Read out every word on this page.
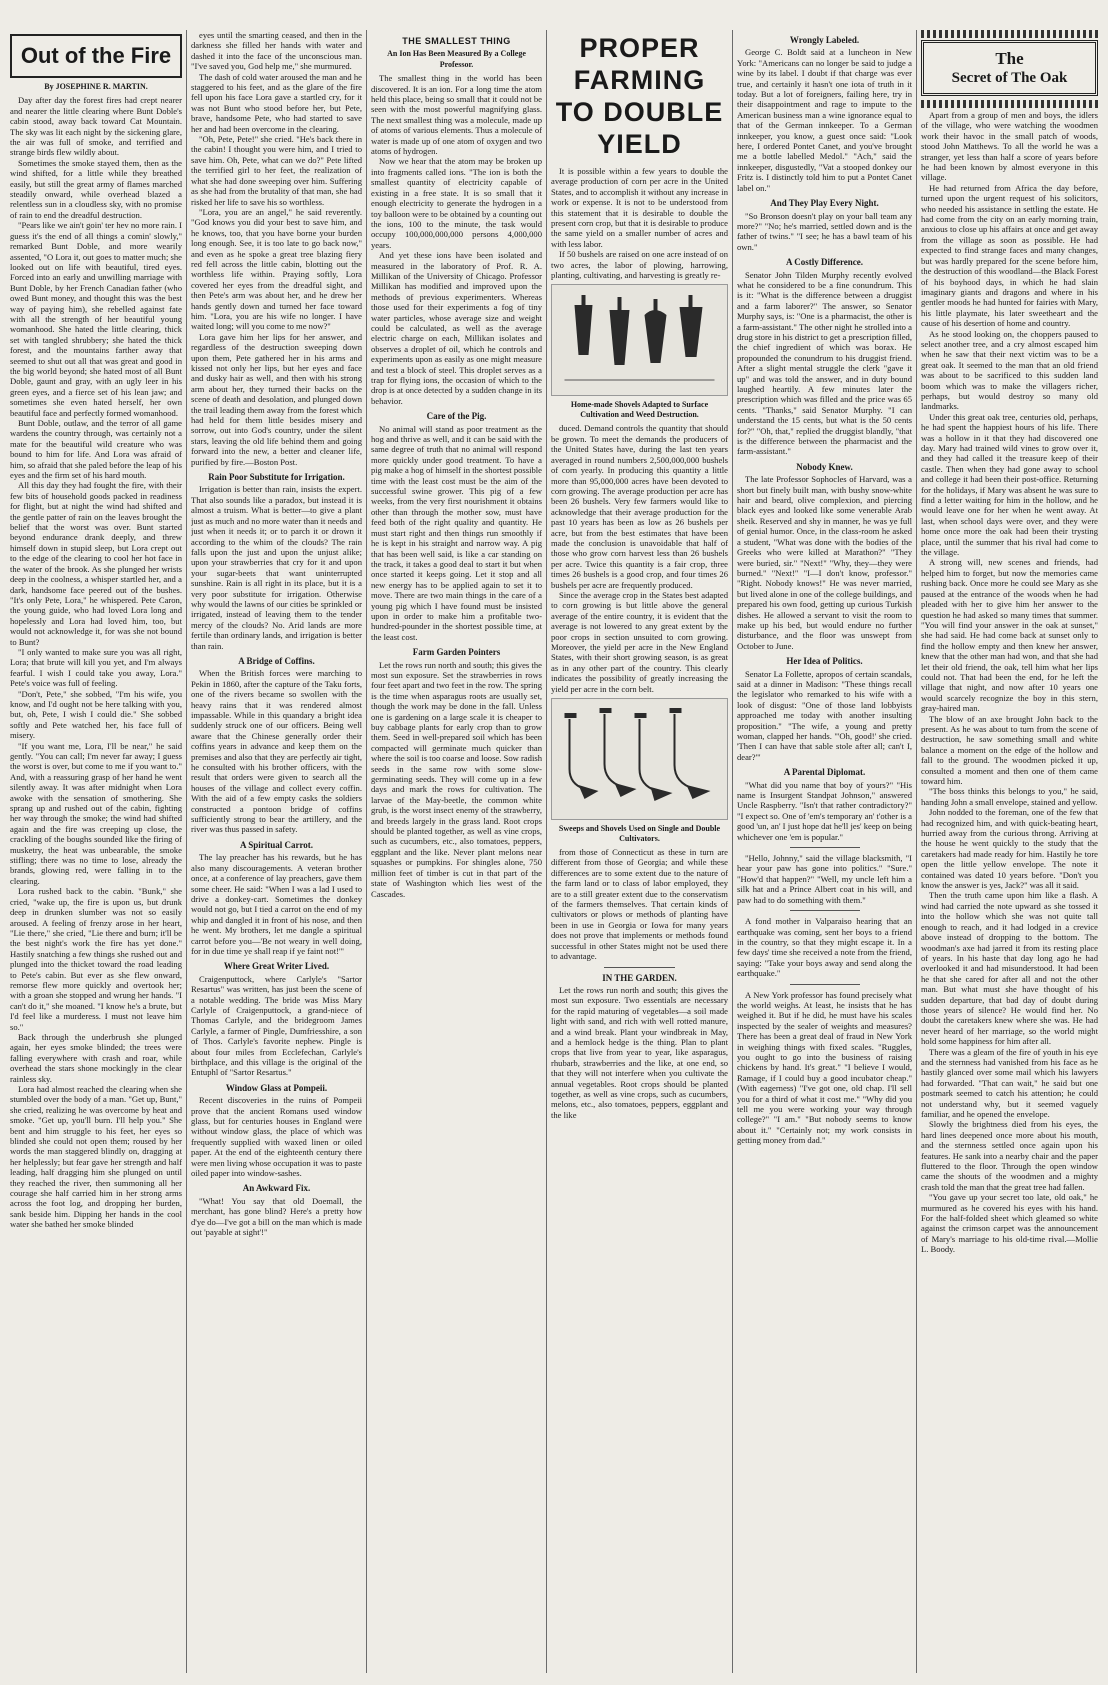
Out of the Fire
By JOSEPHINE R. MARTIN.

Day after day the forest fires had crept nearer and nearer the little clearing where Bunt Doble's cabin stood, away back toward Cat Mountain. The sky was lit each night by the sickening glare, the air was full of smoke, and terrified and strange birds flew wildly about.

Sometimes the smoke stayed them, then as the wind shifted, for a little while they breathed easily, but still the great army of flames marched steadily onward, while overhead blazed a relentless sun in a cloudless sky, with no promise of rain to end the dreadful destruction.

"Pears like we ain't goin' ter hev no more rain. I guess it's the end of all things a comin' slowly," remarked Bunt Doble, and more wearily assented, "O Lora it, out goes to matter much; she looked out on life with beautiful, tired eyes. Forced into an early and unwilling marriage with Bunt Doble, by her French Canadian father (who owed Bunt money, and thought this was the best way of paying him), she rebelled against fate with all the strength of her beautiful young womanhood. She hated the little clearing, thick set with tangled shrubbery; she hated the thick forest, and the mountains farther away that seemed to shut out all that was great and good in the big world beyond; she hated most of all Bunt Doble, gaunt and gray, with an ugly leer in his green eyes, and a fierce set of his lean jaw; and sometimes she even hated herself, her own beautiful face and perfectly formed womanhood.

Bunt Doble, outlaw, and the terror of all game wardens the country through, was certainly not a mate for the beautiful wild creature who was bound to him for life. And Lora was afraid of him, so afraid that she paled before the leap of his eyes and the firm set of his hard mouth.

All this day they had fought the fire, with their few bits of household goods packed in readiness for flight, but at night the wind had shifted and the gentle patter of rain on the leaves brought the belief that the worst was over. Bunt started beyond endurance drank deeply, and threw himself down in stupid sleep, but Lora crept out to the edge of the clearing to cool her hot face in the water of the brook. As she plunged her wrists deep in the coolness, a whisper startled her, and a dark, handsome face peered out of the bushes. "It's only Pete, Lora," he whispered. Pete Caron, the young guide, who had loved Lora long and hopelessly and Lora had loved him, too, but would not acknowledge it, for was she not bound to Bunt?

"I only wanted to make sure you was all right, Lora; that brute will kill you yet, and I'm always fearful. I wish I could take you away, Lora." Pete's voice was full of feeling.

"Don't, Pete," she sobbed, "I'm his wife, you know, and I'd ought not be here talking with you, but, oh, Pete, I wish I could die." She sobbed softly and Pete watched her, his face full of misery.

"If you want me, Lora, I'll be near," he said gently. "You can call; I'm never far away; I guess the worst is over, but come to me if you want to." And, with a reassuring grasp of her hand he went silently away. It was after midnight when Lora awoke with the sensation of smothering. She sprang up and rushed out of the cabin, fighting her way through the smoke; the wind had shifted again and the fire was creeping up close, the crackling of the boughs sounded like the firing of musketry, the heat was unbearable, the smoke stifling; there was no time to lose, already the brands, glowing red, were falling in to the clearing.

Lora rushed back to the cabin. "Bunk," she cried, "wake up, the fire is upon us, but drunk deep in drunken slumber was not so easily aroused. A feeling of frenzy arose in her heart, "Lie there," she cried, "Lie there and burn; it'll be the best night's work the fire has yet done." Hastily snatching a few things she rushed out and plunged into the thicket toward the road leading to Pete's cabin. But ever as she flew onward, remorse flew more quickly and overtook her; with a groan she stopped and wrung her hands. "I can't do it," she moaned. "I know he's a brute, but I'd feel like a murderess. I must not leave him so."

Back through the underbrush she plunged again, her eyes smoke blinded; the trees were falling everywhere with crash and roar, while overhead the stars shone mockingly in the clear rainless sky.

Lora had almost reached the clearing when she stumbled over the body of a man. "Get up, Bunt," she cried, realizing he was overcome by heat and smoke. "Get up, you'll burn. I'll help you." She bent and him struggle to his feet, her eyes so blinded she could not open them; roused by her words the man staggered blindly on, dragging at her helplessly; but fear gave her strength and half leading, half dragging him she plunged on until they reached the river, then summoning all her courage she half carried him in her strong arms across the foot log, and dropping her burden, sank beside him. Dipping her hands in the cool water she bathed her smoke blinded

eyes until the smarting ceased, and then in the darkness she filled her hands with water and dashed it into the face of the unconscious man. "I've saved you, God help me," she murmured.

The dash of cold water aroused the man and he staggered to his feet, and as the glare of the fire fell upon his face Lora gave a startled cry, for it was not Bunt who stood before her, but Pete, brave, handsome Pete, who had started to save her and had been overcome in the clearing.

"Oh, Pete, Pete!" she cried. "He's back there in the cabin! I thought you were him, and I tried to save him. Oh, Pete, what can we do?" Pete lifted the terrified girl to her feet, the realization of what she had done sweeping over him. Suffering as she had from the brutality of that man, she had risked her life to save his so worthless.

"Lora, you are an angel," he said reverently. "God knows you did your best to save him, and he knows, too, that you have borne your burden long enough. See, it is too late to go back now," and even as he spoke a great tree blazing fiery red fell across the little cabin, blotting out the worthless life within. Praying softly, Lora covered her eyes from the dreadful sight, and then Pete's arm was about her, and he drew her hands gently down and turned her face toward him. "Lora, you are his wife no longer. I have waited long; will you come to me now?"

Lora gave him her lips for her answer, and regardless of the destruction sweeping down upon them, Pete gathered her in his arms and kissed not only her lips, but her eyes and face and dusky hair as well, and then with his strong arm about her, they turned their backs on the scene of death and desolation, and plunged down the trail leading them away from the forest which had held for them little besides misery and sorrow, out into God's country, under the silent stars, leaving the old life behind them and going forward into the new, a better and cleaner life, purified by fire.—Boston Post.

Rain Poor Substitute for Irrigation.

Irrigation is better than rain, insists the expert. That also sounds like a paradox, but instead it is almost a truism. What is better—to give a plant just as much and no more water than it needs and just when it needs it; or to parch it or drown it according to the whim of the clouds? The rain falls upon the just and upon the unjust alike; upon your strawberries that cry for it and upon your sugar-beets that want uninterrupted sunshine. Rain is all right in its place, but it is a very poor substitute for irrigation. Otherwise why would the lawns of our cities be sprinkled or irrigated, instead of leaving them to the tender mercy of the clouds? No. Arid lands are more fertile than ordinary lands, and irrigation is better than rain.

A Bridge of Coffins.

When the British forces were marching to Pekin in 1860, after the capture of the Taku forts, one of the rivers became so swollen with the heavy rains that it was rendered almost impassable. While in this quandary a bright idea suddenly struck one of our officers. Being well aware that the Chinese generally order their coffins years in advance and keep them on the premises and also that they are perfectly air tight, he consulted with his brother officers, with the result that orders were given to search all the houses of the village and collect every coffin. With the aid of a few empty casks the soldiers constructed a pontoon bridge of coffins sufficiently strong to bear the artillery, and the river was thus passed in safety.

A Spiritual Carrot.

The lay preacher has his rewards, but he has also many discouragements. A veteran brother once, at a conference of lay preachers, gave them some cheer. He said: "When I was a lad I used to drive a donkey-cart. Sometimes the donkey would not go, but I tied a carrot on the end of my whip and dangled it in front of his nose, and then he went. My brothers, let me dangle a spiritual carrot before you—'Be not weary in well doing, for in due time ye shall reap if ye faint not!'"

Where Great Writer Lived.

Craigenputtock, where Carlyle's "Sartor Resartus" was written, has just been the scene of a notable wedding. The bride was Miss Mary Carlyle of Craigenputtock, a grand-niece of Thomas Carlyle, and the bridegroom James Carlyle, a farmer of Pingle, Dumfriesshire, a son of Thos. Carlyle's favorite nephew. Pingle is about four miles from Ecclefechan, Carlyle's birthplace, and this village is the original of the Entuphl of "Sartor Resartus."

Window Glass at Pompeii.

Recent discoveries in the ruins of Pompeii prove that the ancient Romans used window glass, but for centuries houses in England were without window glass, the place of which was frequently supplied with waxed linen or oiled paper. At the end of the eighteenth century there were men living whose occupation it was to paste oiled paper into window-sashes.

An Awkward Fix.

"What! You say that old Doemall, the merchant, has gone blind? Here's a pretty how d'ye do—I've got a bill on the man which is made out 'payable at sight'!"

THE SMALLEST THING
An Ion Has Been Measured By a College Professor.

The smallest thing in the world has been discovered. It is an ion. For a long time the atom held this place, being so small that it could not be seen with the most powerful magnifying glass. The next smallest thing was a molecule, made up of atoms of various elements. Thus a molecule of water is made up of one atom of oxygen and two atoms of hydrogen.

Now we hear that the atom may be broken up into fragments called ions. "The ion is both the smallest quantity of electricity capable of existing in a free state. It is so small that it enough electricity to generate the hydrogen in a toy balloon were to be obtained by a counting out the ions, 100 to the minute, the task would occupy 100,000,000,000 persons 4,000,000 years.

And yet these ions have been isolated and measured in the laboratory of Prof. R. A. Millikan of the University of Chicago. Professor Millikan has modified and improved upon the methods of previous experimenters. Whereas those used for their experiments a fog of tiny water particles, whose average size and weight could be calculated, as well as the average electric charge on each, Millikan isolates and observes a droplet of oil, which he controls and experiments upon as easily as one might measure and test a block of steel. This droplet serves as a trap for flying ions, the occasion of which to the drop is at once detected by a sudden change in its behavior.

Care of the Pig.

No animal will stand as poor treatment as the hog and thrive as well, and it can be said with the same degree of truth that no animal will respond more quickly under good treatment. To have a pig make a hog of himself in the shortest possible time with the least cost must be the aim of the successful swine grower. This pig of a few weeks, from the very first nourishment it obtains other than through the mother sow, must have feed both of the right quality and quantity. He must start right and then things run smoothly if he is kept in his straight and narrow way. A pig that has been well said, is like a car standing on the track, it takes a good deal to start it but when once started it keeps going. Let it stop and all new energy has to be applied again to set it to move. There are two main things in the care of a young pig which I have found must be insisted upon in order to make him a profitable two-hundred-pounder in the shortest possible time, at the least cost.

Farm Garden Pointers

Let the rows run north and south; this gives the most sun exposure. Set the strawberries in rows four feet apart and two feet in the row. The spring is the time when asparagus roots are usually set, though the work may be done in the fall. Unless one is gardening on a large scale it is cheaper to buy cabbage plants for early crop than to grow them. Seed in well-prepared soil which has been compacted will germinate much quicker than where the soil is too coarse and loose. Sow radish seeds in the same row with some slow-germinating seeds. They will come up in a few days and mark the rows for cultivation. The larvae of the May-beetle, the common white grub, is the worst insect enemy of the strawberry, and breeds largely in the grass land. Root crops should be planted together, as well as vine crops, such as cucumbers, etc., also tomatoes, peppers, eggplant and the like. Never plant melons near squashes or pumpkins. For shingles alone, 750 million feet of timber is cut in that part of the state of Washington which lies west of the Cascades.

PROPER FARMING
TO DOUBLE YIELD

It is possible within a few years to double the average production of corn per acre in the United States, and to accomplish it without any increase in work or expense. It is not to be understood from this statement that it is desirable to double the present corn crop, but that it is desirable to produce the same yield on a smaller number of acres and with less labor.

If 50 bushels are raised on one acre instead of on two acres, the labor of plowing, harrowing, planting, cultivating, and harvesting is greatly re-

Home-made Shovels Adapted to Surface Cultivation and Weed Destruction.

duced. Demand controls the quantity that should be grown. To meet the demands the producers of the United States have, during the last ten years averaged in round numbers 2,500,000,000 bushels of corn yearly. In producing this quantity a little more than 95,000,000 acres have been devoted to corn growing. The average production per acre has been 26 bushels. Very few farmers would like to acknowledge that their average production for the past 10 years has been as low as 26 bushels per acre, but from the best estimates that have been made the conclusion is unavoidable that half of those who grow corn harvest less than 26 bushels per acre. Twice this quantity is a fair crop, three times 26 bushels is a good crop, and four times 26 bushels per acre are frequently produced.

Since the average crop in the States best adapted to corn growing is but little above the general average of the entire country, it is evident that the average is not lowered to any great extent by the poor crops in section unsuited to corn growing. Moreover, the yield per acre in the New England States, with their short growing season, is as great as in any other part of the country. This clearly indicates the possibility of greatly increasing the yield per acre in the corn belt.

Sweeps and Shovels Used on Single and Double Cultivators.

from those of Connecticut as these in turn are different from those of Georgia; and while these differences are to some extent due to the nature of the farm land or to class of labor employed, they are to a still greater extent due to the conservatism of the farmers themselves. That certain kinds of cultivators or plows or methods of planting have been in use in Georgia or Iowa for many years does not prove that implements or methods found successful in other States might not be used there to advantage.

IN THE GARDEN.

Let the rows run north and south; this gives the most sun exposure. Two essentials are necessary for the rapid maturing of vegetables—a soil made light with sand, and rich with well rotted manure, and a wind break. Plant your windbreak in May, and a hemlock hedge is the thing. Plan to plant crops that live from year to year, like asparagus, rhubarb, strawberries and the like, at one end, so that they will not interfere when you cultivate the annual vegetables. Root crops should be planted together, as well as vine crops, such as cucumbers, melons, etc., also tomatoes, peppers, eggplant and the like

Wrongly Labeled.

George C. Boldt said at a luncheon in New York: "Americans can no longer be said to judge a wine by its label. I doubt if that charge was ever true, and certainly it hasn't one iota of truth in it today. But a lot of foreigners, failing here, try in their disappointment and rage to impute to the American business man a wine ignorance equal to that of the German innkeeper. To a German innkeeper, you know, a guest once said: "Look here, I ordered Pontet Canet, and you've brought me a bottle labelled Medol." "Ach," said the innkeeper, disgustedly, "Vat a stooped donkey our Fritz is. I distinctly told him to put a Pontet Canet label on."

And They Play Every Night.

"So Bronson doesn't play on your ball team any more?" "No; he's married, settled down and is the father of twins." "I see; he has a bawl team of his own."

A Costly Difference.

Senator John Tilden Murphy recently evolved what he considered to be a fine conundrum. This is it: "What is the difference between a druggist and a farm laborer?" The answer, so Senator Murphy says, is: "One is a pharmacist, the other is a farm-assistant." The other night he strolled into a drug store in his district to get a prescription filled, the chief ingredient of which was borax. He propounded the conundrum to his druggist friend. After a slight mental struggle the clerk "gave it up" and was told the answer, and in duty bound laughed heartily. A few minutes later the prescription which was filled and the price was 65 cents. "Thanks," said Senator Murphy. "I can understand the 15 cents, but what is the 50 cents for?" "Oh, that," replied the druggist blandly, "that is the difference between the pharmacist and the farm-assistant."

Nobody Knew.

The late Professor Sophocles of Harvard, was a short but finely built man, with bushy snow-white hair and beard, olive complexion, and piercing black eyes and looked like some venerable Arab sheik. Reserved and shy in manner, he was ye full of genial humor. Once, in the class-room he asked a student, "What was done with the bodies of the Greeks who were killed at Marathon?" "They were buried, sir." "Next!" "Why, they—they were burned." "Next!" "I—I don't know, professor." "Right. Nobody knows!" He was never married, but lived alone in one of the college buildings, and prepared his own food, getting up curious Turkish dishes. He allowed a servant to visit the room to make up his bed, but would endure no further disturbance, and the floor was unswept from October to June.

Her Idea of Politics.

Senator La Follette, apropos of certain scandals, said at a dinner in Madison: "These things recall the legislator who remarked to his wife with a look of disgust: "One of those land lobbyists approached me today with another insulting proposition." "The wife, a young and pretty woman, clapped her hands. "'Oh, good!' she cried. 'Then I can have that sable stole after all; can't I, dear?'"

A Parental Diplomat.

"What did you name that boy of yours?" "His name is Insurgent Standpat Johnson," answered Uncle Raspberry. "Isn't that rather contradictory?" "I expect so. One of 'em's temporary an' t'other is a good 'un, an' I just hope dat he'll jes' keep on being whichever one 'em is popular."

"Hello, Johnny," said the village blacksmith, "I hear your paw has gone into politics." "Sure." "How'd that happen?" "Well, my uncle left him a silk hat and a Prince Albert coat in his will, and paw had to do something with them."

A fond mother in Valparaiso hearing that an earthquake was coming, sent her boys to a friend in the country, so that they might escape it. In a few days' time she received a note from the friend, saying: "Take your boys away and send along the earthquake."

A New York professor has found precisely what the world weighs. At least, he insists that he has weighed it. But if he did, he must have his scales inspected by the sealer of weights and measures? There has been a great deal of fraud in New York in weighing things with fixed scales. "Ruggles, you ought to go into the business of raising chickens by hand. It's great." "I believe I would, Ramage, if I could buy a good incubator cheap." (With eagerness) "I've got one, old chap. I'll sell you for a third of what it cost me." "Why did you tell me you were working your way through college?" "I am." "But nobody seems to know about it." "Certainly not; my work consists in getting money from dad."

The
Secret of The Oak

Apart from a group of men and boys, the idlers of the village, who were watching the woodmen work their havoc in the small patch of woods, stood John Matthews. To all the world he was a stranger, yet less than half a score of years before he had been known by almost everyone in this village.

He had returned from Africa the day before, turned upon the urgent request of his solicitors, who needed his assistance in settling the estate. He had come from the city on an early morning train, anxious to close up his affairs at once and get away from the village as soon as possible. He had expected to find strange faces and many changes, but was hardly prepared for the scene before him, the destruction of this woodland—the Black Forest of his boyhood days, in which he had slain imaginary giants and dragons and where in his gentler moods he had hunted for fairies with Mary, his little playmate, his later sweetheart and the cause of his desertion of home and country.

As he stood looking on, the choppers paused to select another tree, and a cry almost escaped him when he saw that their next victim was to be a great oak. It seemed to the man that an old friend was about to be sacrificed to this sudden land boom which was to make the villagers richer, perhaps, but would destroy so many old landmarks.

Under this great oak tree, centuries old, perhaps, he had spent the happiest hours of his life. There was a hollow in it that they had discovered one day. Mary had trained wild vines to grow over it, and they had called it the treasure keep of their castle. Then when they had gone away to school and college it had been their post-office. Returning for the holidays, if Mary was absent he was sure to find a letter waiting for him in the hollow, and he would leave one for her when he went away. At last, when school days were over, and they were home once more the oak had been their trysting place, until the summer that his rival had come to the village.

A strong will, new scenes and friends, had helped him to forget, but now the memories came rushing back. Once more he could see Mary as she paused at the entrance of the woods when he had pleaded with her to give him her answer to the question he had asked so many times that summer. "You will find your answer in the oak at sunset," she had said. He had come back at sunset only to find the hollow empty and then knew her answer, knew that the other man had won, and that she had let their old friend, the oak, tell him what her lips could not. That had been the end, for he left the village that night, and now after 10 years one would scarcely recognize the boy in this stern, gray-haired man.

The blow of an axe brought John back to the present. As he was about to turn from the scene of destruction, he saw something small and white balance a moment on the edge of the hollow and fall to the ground. The woodmen picked it up, consulted a moment and then one of them came toward him.

"The boss thinks this belongs to you," he said, handing John a small envelope, stained and yellow.

John nodded to the foreman, one of the few that had recognized him, and with quick-beating heart, hurried away from the curious throng. Arriving at the house he went quickly to the study that the caretakers had made ready for him. Hastily he tore open the little yellow envelope. The note it contained was dated 10 years before. "Don't you know the answer is yes, Jack?" was all it said.

Then the truth came upon him like a flash. A wind had carried the note upward as she tossed it into the hollow which she was not quite tall enough to reach, and it had lodged in a crevice above instead of dropping to the bottom. The woodman's axe had jarred it from its resting place of years. In his haste that day long ago he had overlooked it and had misunderstood. It had been he that she cared for after all and not the other man. But what must she have thought of his sudden departure, that bad day of doubt during those years of silence? He would find her. No doubt the caretakers knew where she was. He had never heard of her marriage, so the world might hold some happiness for him after all.

There was a gleam of the fire of youth in his eye and the sternness had vanished from his face as he hastily glanced over some mail which his lawyers had forwarded. "That can wait," he said but one postmark seemed to catch his attention; he could not understand why, but it seemed vaguely familiar, and he opened the envelope.

Slowly the brightness died from his eyes, the hard lines deepened once more about his mouth, and the sternness settled once again upon his features. He sank into a nearby chair and the paper fluttered to the floor. Through the open window came the shouts of the woodmen and a mighty crash told the man that the great tree had fallen.

"You gave up your secret too late, old oak," he murmured as he covered his eyes with his hand. For the half-folded sheet which gleamed so white against the crimson carpet was the announcement of Mary's marriage to his old-time rival.—Mollie L. Boody.
